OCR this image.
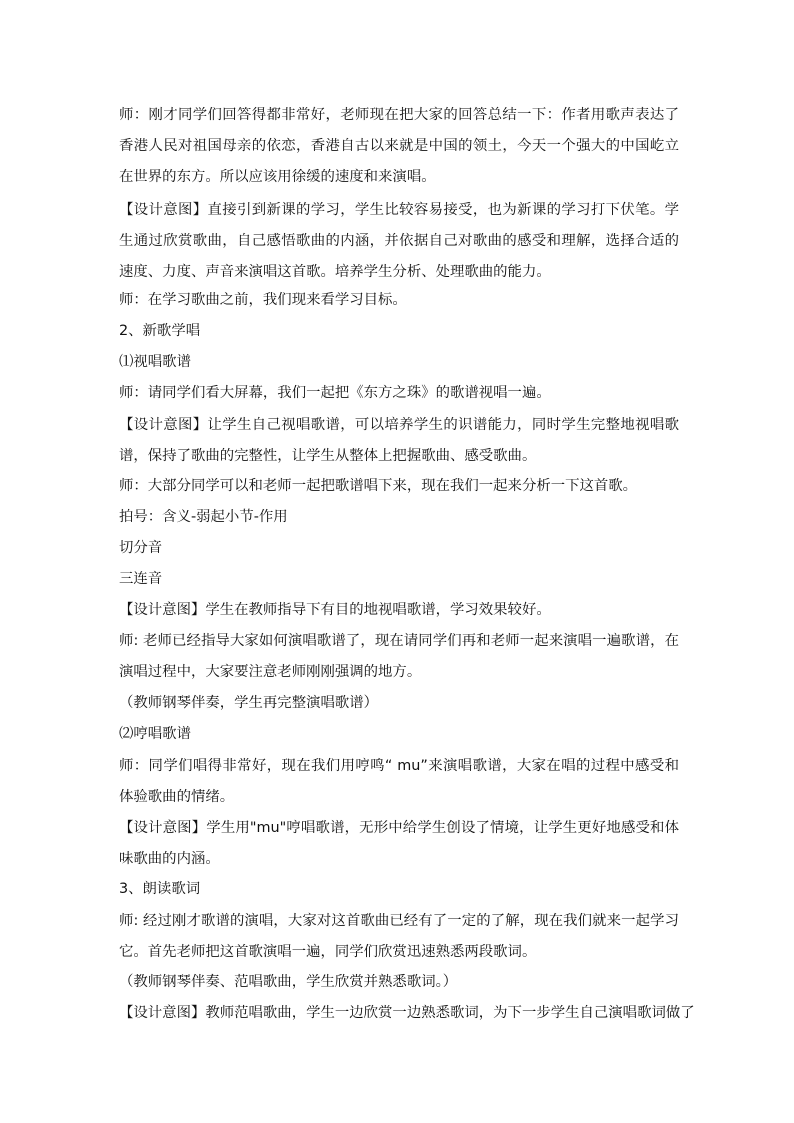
师：刚才同学们回答得都非常好，老师现在把大家的回答总结一下：作者用歌声表达了香港人民对祖国母亲的依恋，香港自古以来就是中国的领土，今天一个强大的中国屹立在世界的东方。所以应该用徐缓的速度和来演唱。
【设计意图】直接引到新课的学习，学生比较容易接受，也为新课的学习打下伏笔。学生通过欣赏歌曲，自己感悟歌曲的内涵，并依据自己对歌曲的感受和理解，选择合适的速度、力度、声音来演唱这首歌。培养学生分析、处理歌曲的能力。
师：在学习歌曲之前，我们现来看学习目标。
2、新歌学唱
⑴视唱歌谱
师：请同学们看大屏幕，我们一起把《东方之珠》的歌谱视唱一遍。
【设计意图】让学生自己视唱歌谱，可以培养学生的识谱能力，同时学生完整地视唱歌谱，保持了歌曲的完整性，让学生从整体上把握歌曲、感受歌曲。
师：大部分同学可以和老师一起把歌谱唱下来，现在我们一起来分析一下这首歌。
拍号：含义-弱起小节-作用
切分音
三连音
【设计意图】学生在教师指导下有目的地视唱歌谱，学习效果较好。
师: 老师已经指导大家如何演唱歌谱了，现在请同学们再和老师一起来演唱一遍歌谱，在演唱过程中，大家要注意老师刚刚强调的地方。
（教师钢琴伴奏，学生再完整演唱歌谱）
⑵哼唱歌谱
师：同学们唱得非常好，现在我们用哼鸣“ mu”来演唱歌谱，大家在唱的过程中感受和体验歌曲的情绪。
【设计意图】学生用"mu"哼唱歌谱，无形中给学生创设了情境，让学生更好地感受和体味歌曲的内涵。
3、朗读歌词
师: 经过刚才歌谱的演唱，大家对这首歌曲已经有了一定的了解，现在我们就来一起学习它。首先老师把这首歌演唱一遍，同学们欣赏迅速熟悉两段歌词。
（教师钢琴伴奏、范唱歌曲，学生欣赏并熟悉歌词。）
【设计意图】教师范唱歌曲，学生一边欣赏一边熟悉歌词，为下一步学生自己演唱歌词做了
